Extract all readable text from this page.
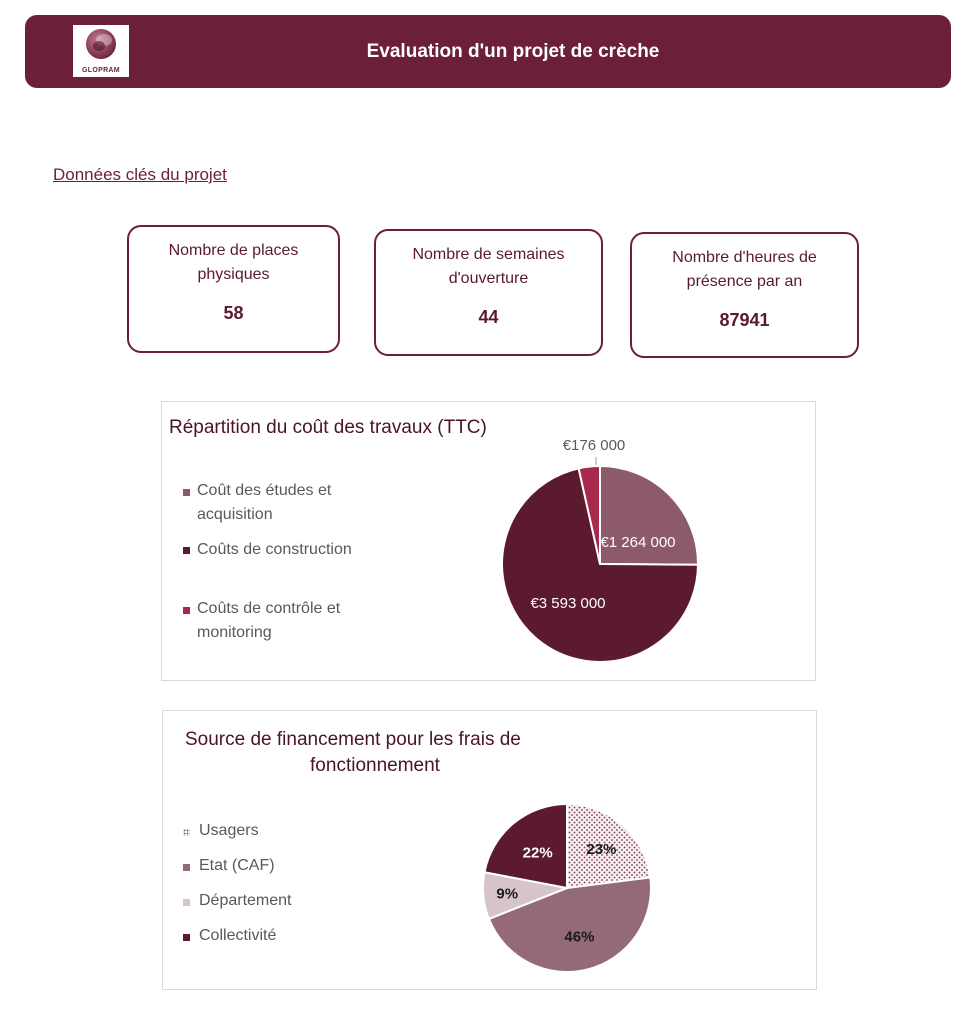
GLOPRAM
Evaluation d'un projet de crèche
Données clés du projet
Nombre de places
physiques
58
Nombre de semaines
d'ouverture
44
Nombre d'heures de
présence par an
87941
Répartition du coût des travaux (TTC)
Coût des études et
acquisition
Coûts de construction
Coûts de contrôle et
monitoring
€176 000
€1 264 000
€3 593 000
Source de financement pour les frais de
fonctionnement
Usagers
Etat (CAF)
Département
Collectivité
23%
46%
9%
22%
